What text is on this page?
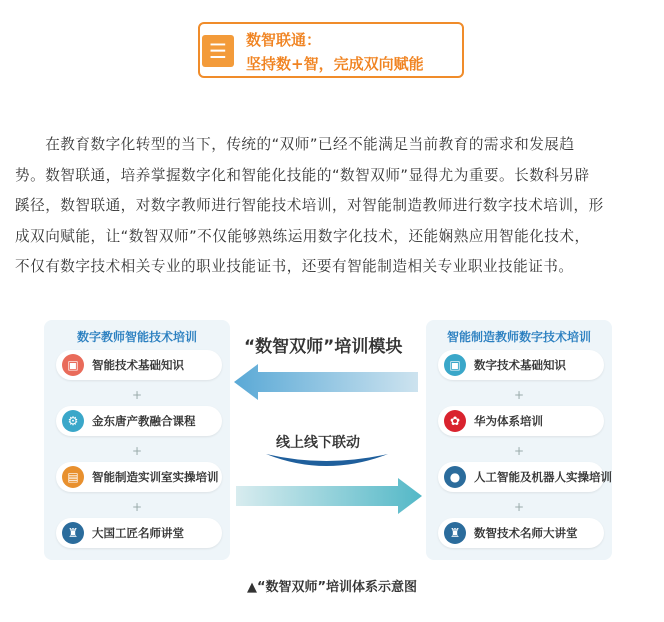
☰	数智联通：
坚持数+智，完成双向赋能
　　在教育数字化转型的当下，传统的“双师”已经不能满足当前教育的需求和发展趋
势。数智联通，培养掌握数字化和智能化技能的“数智双师”显得尤为重要。长数科另辟
蹊径，数智联通，对数字教师进行智能技术培训，对智能制造教师进行数字技术培训，形
成双向赋能，让“数智双师”不仅能够熟练运用数字化技术，还能娴熟应用智能化技术，
不仅有数字技术相关专业的职业技能证书，还要有智能制造相关专业职业技能证书。
“数智双师”培训模块
线上线下联动
数字教师智能技术培训
▣	智能技术基础知识
+
⚙	金东唐产教融合课程
+
▤	智能制造实训室实操培训
+
♜	大国工匠名师讲堂
智能制造教师数字技术培训
▣	数字技术基础知识
+
✿	华为体系培训
+
●	人工智能及机器人实操培训
+
♜	数智技术名师大讲堂
▲“数智双师”培训体系示意图
